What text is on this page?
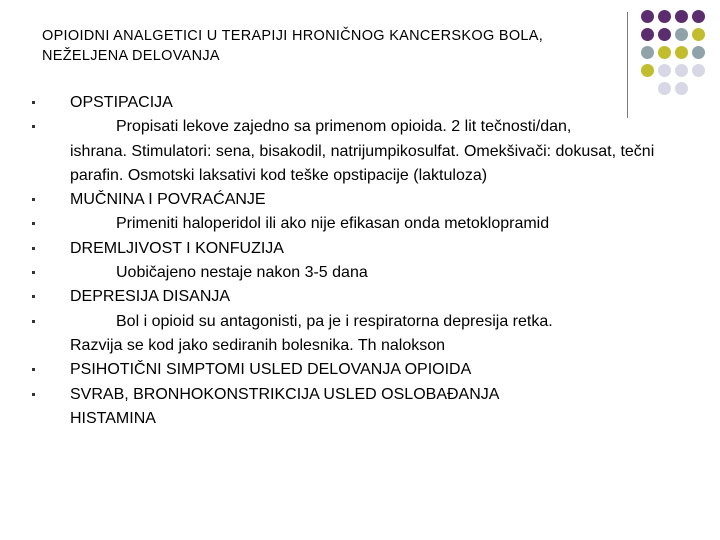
OPIOIDNI ANALGETICI U TERAPIJI HRONIČNOG KANCERSKOG BOLA,
NEŽELJENA DELOVANJA
OPSTIPACIJA
Propisati lekove zajedno sa primenom opioida. 2 lit tečnosti/dan,
ishrana. Stimulatori: sena, bisakodil, natrijumpikosulfat. Omekšivači: dokusat, tečni parafin. Osmotski laksativi kod teške opstipacije (laktuloza)
MUČNINA I POVRAĆANJE
Primeniti haloperidol ili ako nije efikasan onda metoklopramid
DREMLJIVOST I KONFUZIJA
Uobičajeno nestaje nakon 3-5 dana
DEPRESIJA DISANJA
Bol i opioid su antagonisti, pa je i respiratorna depresija retka.
Razvija se kod jako sediranih bolesnika. Th nalokson
PSIHOTIČNI SIMPTOMI USLED DELOVANJA OPIOIDA
SVRAB, BRONHOKONSTRIKCIJA USLED OSLOBAĐANJA
HISTAMINA
